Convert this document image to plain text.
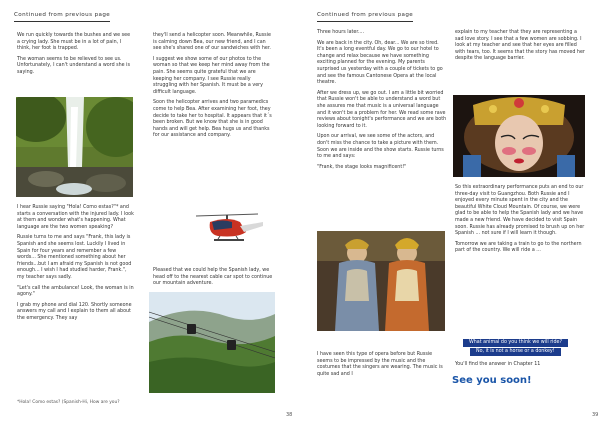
Continued from previous page

We run quickly towards the bushes and we see a crying lady. She must be in a lot of pain, I think, her foot is trapped.

The woman seems to be relieved to see us. Unfortunately, I can't understand a word she is saying.

I hear Russie saying "Hola! Como estas?"* and starts a conversation with the injured lady. I look at them and wonder what's happening. What language are the two women speaking?

Russie turns to me and says "Frank, this lady is Spanish and she seems lost. Luckily I lived in Spain for four years and remember a few words... She mentioned something about her friends...but I am afraid my Spanish is not good enough... I wish I had studied harder, Frank.", my teacher says sadly.

"Let's call the ambulance! Look, the woman is in agony."

I grab my phone and dial 120. Shortly someone answers my call and I explain to them all about the emergency. They say

they'll send a helicopter soon. Meanwhile, Russie is calming down Bea, our new friend, and I can see she's shared one of our sandwiches with her.

I suggest we show some of our photos to the woman so that we keep her mind away from the pain. She seems quite grateful that we are keeping her company. I see Russie really struggling with her Spanish. It must be a very difficult language.

Soon the helicopter arrives and two paramedics come to help Bea. After examining her foot, they decide to take her to hospital. It appears that it´s been broken. But we know that she is in good hands and will get help. Bea hugs us and thanks for our assistance and company.

Pleased that we could help the Spanish lady, we head off to the nearest cable car spot to continue our mountain adventure.

*Hola! Como estas? (Spanish-Hi, How are you?
38
Continued from previous page

Three hours later....

We are back in the city. Oh, dear... We are so tired. It's been a long eventful day. We go to our hotel to change and relax because we have something exciting planned for the evening. My parents surprised us yesterday with a couple of tickets to go and see the famous Cantonese Opera at the local theatre.

After we dress up, we go out. I am a little bit worried that Russie won't be able to understand a word but she assures me that music is a universal language and it won't be a problem for her. We read some rave reviews about tonight's performance and we are both looking forward to it.

Upon our arrival, we see some of the actors, and don't miss the chance to take a picture with them. Soon we are inside and the show starts. Russie turns to me and says:

"Frank, the stage looks magnificent!"

I have seen this type of opera before but Russie seems to be impressed by the music and the costumes that the singers are wearing. The music is quite sad and I

explain to my teacher that they are representing a sad love story. I see that a few women are sobbing. I look at my teacher and see that her eyes are filled with tears, too. It seems that the story has moved her despite the language barrier.

So this extraordinary performance puts an end to our three-day visit to Guangzhou. Both Russie and I enjoyed every minute spent in the city and the beautiful White Cloud Mountain. Of course, we were glad to be able to help the Spanish lady and we have made a new friend. We have decided to visit Spain soon. Russie has already promised to brush up on her Spanish ... not sure if I will learn it though.

Tomorrow we are taking a train to go to the northern part of the country. We will ride a ...

What animal do you think we will ride?
No, it is not a horse or a donkey!
You'll find the answer in Chapter 11
See you soon!
39
